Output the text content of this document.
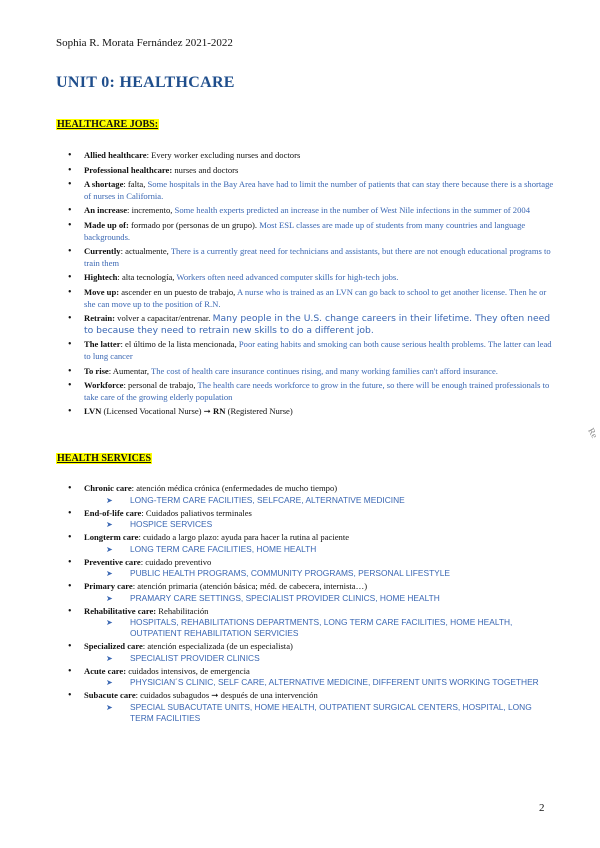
Sophia R. Morata Fernández 2021-2022
UNIT 0: HEALTHCARE
HEALTHCARE JOBS:
• Allied healthcare: Every worker excluding nurses and doctors
• Professional healthcare: nurses and doctors
• A shortage: falta, Some hospitals in the Bay Area have had to limit the number of patients that can stay there because there is a shortage of nurses in California.
• An increase: incremento, Some health experts predicted an increase in the number of West Nile infections in the summer of 2004
• Made up of: formado por (personas de un grupo). Most ESL classes are made up of students from many countries and language backgrounds.
• Currently: actualmente, There is a currently great need for technicians and assistants, but there are not enough educational programs to train them
• Hightech: alta tecnología, Workers often need advanced computer skills for high-tech jobs.
• Move up: ascender en un puesto de trabajo, A nurse who is trained as an LVN can go back to school to get another license. Then he or she can move up to the position of R.N.
• Retrain: volver a capacitar/entrenar. Many people in the U.S. change careers in their lifetime. They often need to because they need to retrain new skills to do a different job.
• The latter: el último de la lista mencionada, Poor eating habits and smoking can both cause serious health problems. The latter can lead to lung cancer
• To rise: Aumentar, The cost of health care insurance continues rising, and many working families can't afford insurance.
• Workforce: personal de trabajo, The health care needs workforce to grow in the future, so there will be enough trained professionals to take care of the growing elderly population
• LVN (Licensed Vocational Nurse) ➞ RN (Registered Nurse)
HEALTH SERVICES
• Chronic care: atención médica crónica (enfermedades de mucho tiempo)
➤ LONG-TERM CARE FACILITIES, SELFCARE, ALTERNATIVE MEDICINE
• End-of-life care: Cuidados paliativos terminales
➤ HOSPICE SERVICES
• Longterm care: cuidado a largo plazo: ayuda para hacer la rutina al paciente
➤ LONG TERM CARE FACILITIES, HOME HEALTH
• Preventive care: cuidado preventivo
➤ PUBLIC HEALTH PROGRAMS, COMMUNITY PROGRAMS, PERSONAL LIFESTYLE
• Primary care: atención primaria (atención básica; méd. de cabecera, internista…)
➤ PRAMARY CARE SETTINGS, SPECIALIST PROVIDER CLINICS, HOME HEALTH
• Rehabilitative care: Rehabilitación
➤ HOSPITALS, REHABILITATIONS DEPARTMENTS, LONG TERM CARE FACILITIES, HOME HEALTH, OUTPATIENT REHABILITATION SERVICIES
• Specialized care: atención especializada (de un especialista)
➤ SPECIALIST PROVIDER CLINICS
• Acute care: cuidados intensivos, de emergencia
➤ PHYSICIAN´S CLINIC, SELF CARE, ALTERNATIVE MEDICINE, DIFFERENT UNITS WORKING TOGETHER
• Subacute care: cuidados subagudos ➞ después de una intervención
➤ SPECIAL SUBACUTATE UNITS, HOME HEALTH, OUTPATIENT SURGICAL CENTERS, HOSPITAL, LONG TERM FACILITIES
2
Re
